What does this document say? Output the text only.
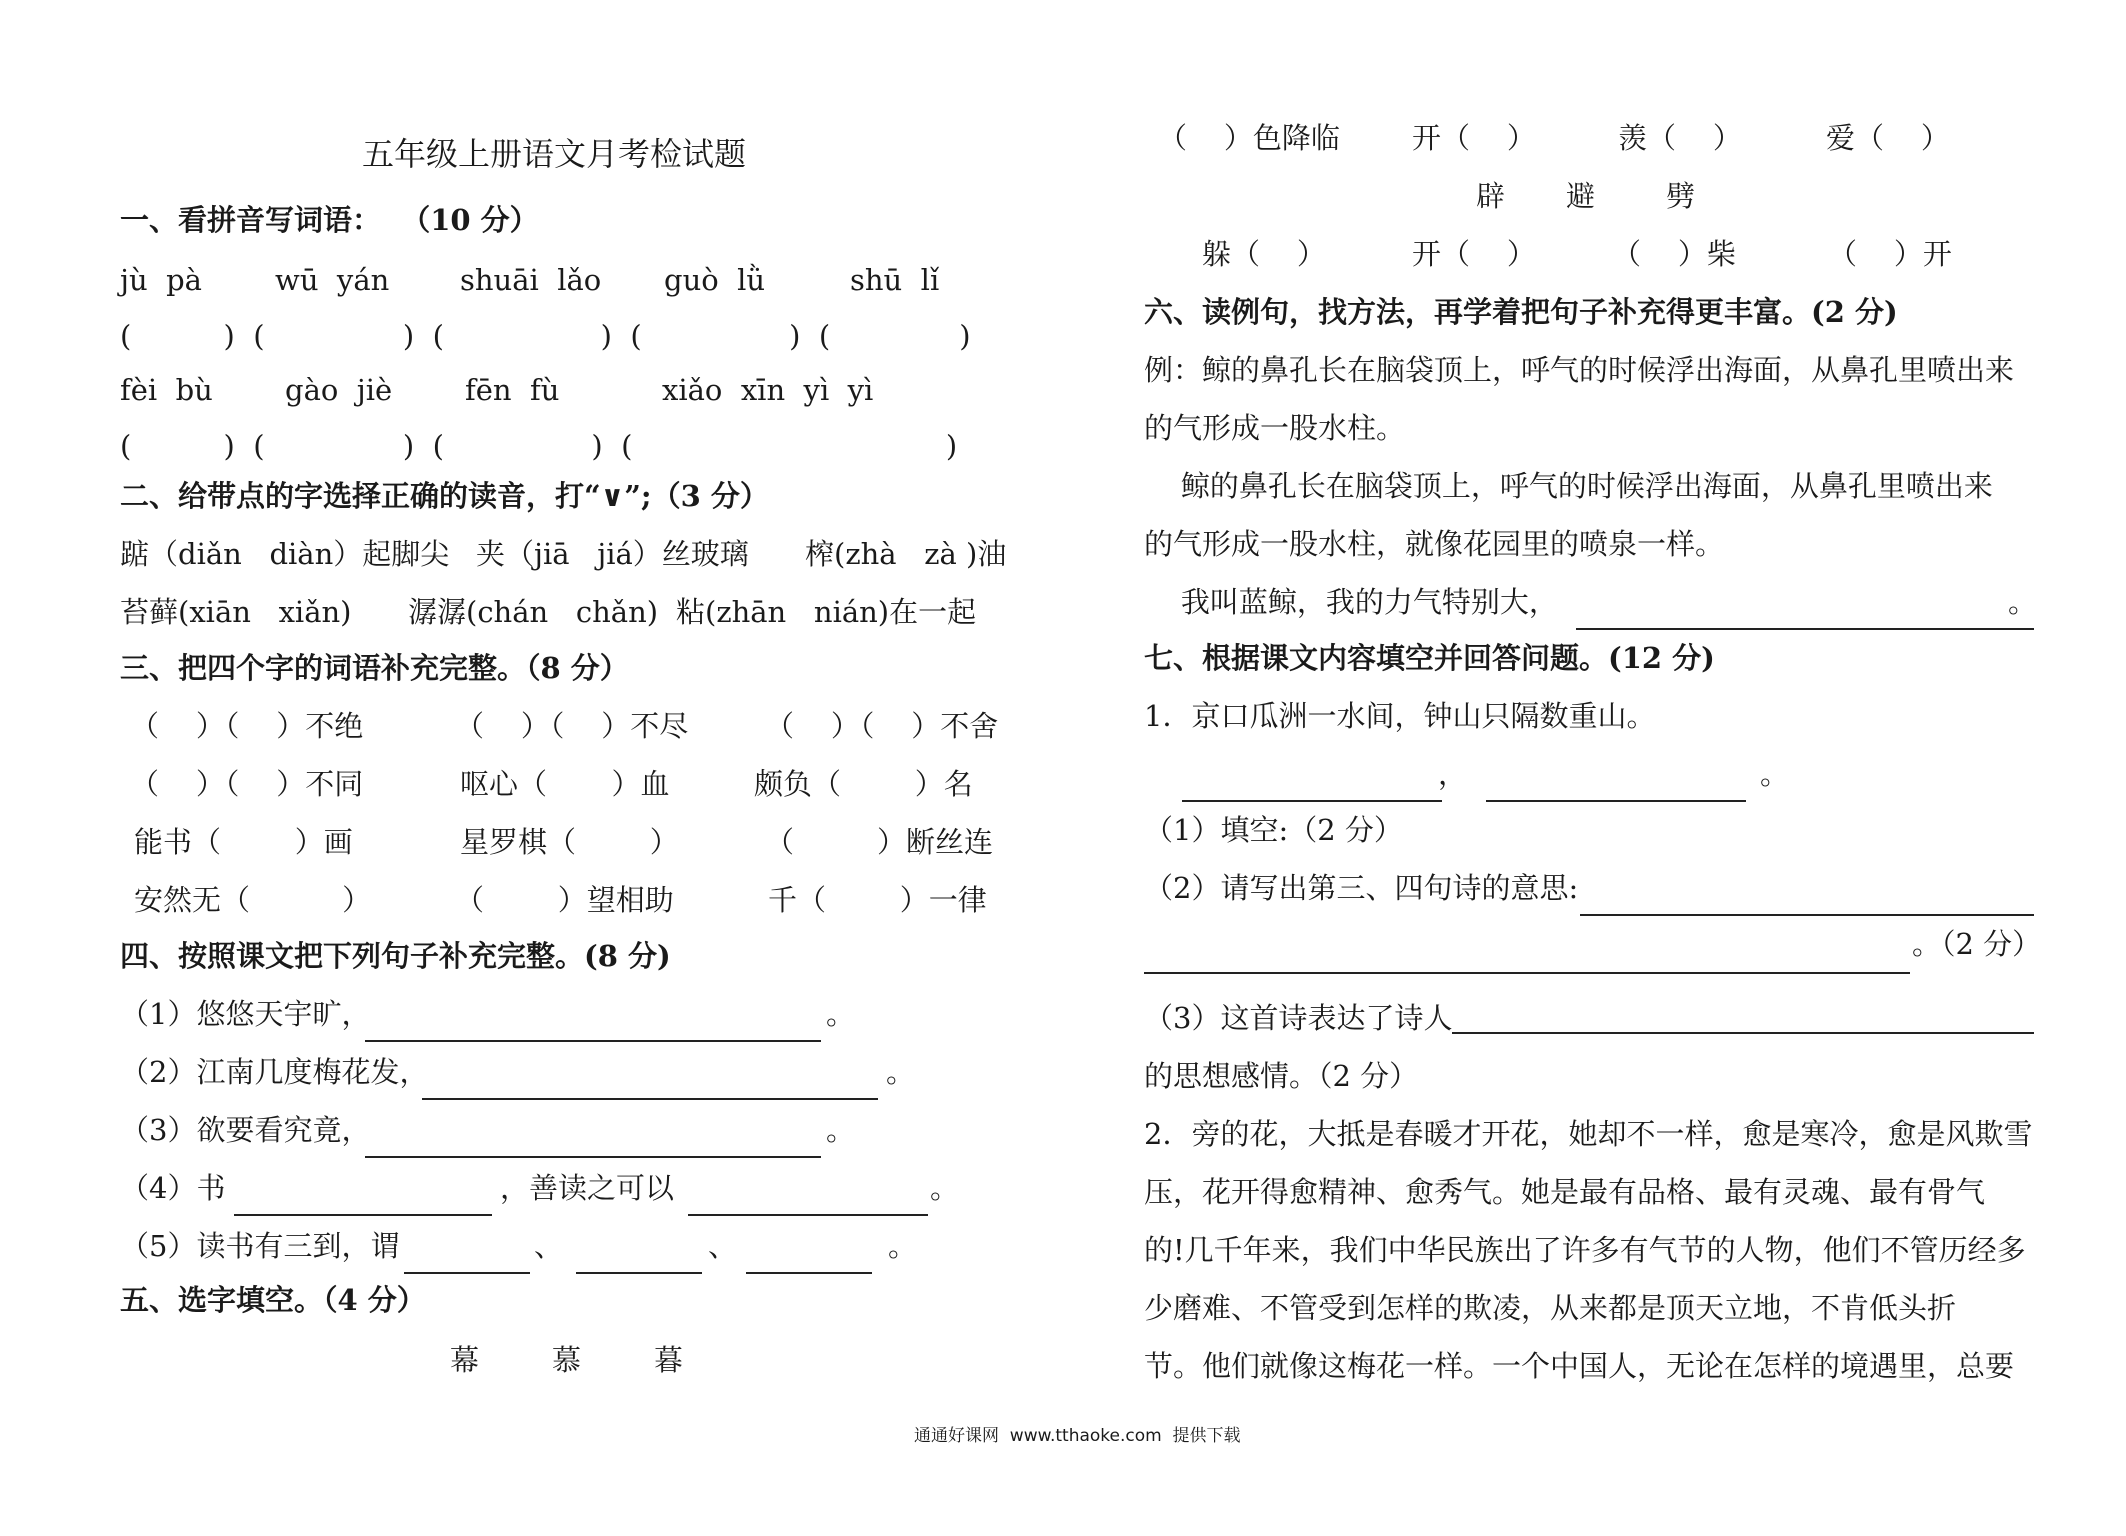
五年级上册语文月考检试题
一、看拼音写词语：  （10 分）
jù  pà	wū  yán shuāi  lǎo guò  lǜ	shū  lǐ
(          )  (               )  (                 )  (                )  (              )
fèi  bù gào  jiè	fēn  fù	xiǎo  xīn  yì  yì
(          )  (               )  (                )  (                                  )
二、给带点的字选择正确的读音，打“∨”;（3 分）
踮（diǎn   diàn）起脚尖 夹（jiā   jiá）丝玻璃 榨(zhà   zà )油
苔藓(xiān   xiǎn) 潺潺(chán   chǎn) 粘(zhān   nián)在一起
三、把四个字的词语补充完整。（8 分）
（    ）（    ）不绝	（    ）（    ）不尽	（    ）（    ）不舍
（    ）（    ）不同	呕心（       ）血	颇负（        ）名
能书（        ）画	星罗棋（        ）	（         ）断丝连
安然无（          ）	（        ）望相助	千（        ）一律
四、按照课文把下列句子补充完整。(8 分)
（1）悠悠天宇旷，	。
（2）江南几度梅花发，	。
（3）欲要看究竟，	。
（4）书	，善读之可以	。
（5）读书有三到，谓	、	、	。
五、选字填空。（4 分）
幕	慕	暮
（    ）色降临 开（    ）	羡（    ）	爱（    ）
辟 避 劈
躲（    ）	开（    ）	（    ）柴	（    ）开
六、读例句，找方法，再学着把句子补充得更丰富。(2 分)
例：鲸的鼻孔长在脑袋顶上，呼气的时候浮出海面，从鼻孔里喷出来
的气形成一股水柱。
鲸的鼻孔长在脑袋顶上，呼气的时候浮出海面，从鼻孔里喷出来
的气形成一股水柱，就像花园里的喷泉一样。
我叫蓝鲸，我的力气特别大，	。
七、根据课文内容填空并回答问题。(12 分)
1．京口瓜洲一水间，钟山只隔数重山。
，	。
（1）填空:（2 分）
（2）请写出第三、四句诗的意思:
。（2 分）
（3）这首诗表达了诗人
的思想感情。（2 分）
2．旁的花，大抵是春暖才开花，她却不一样，愈是寒冷，愈是风欺雪
压，花开得愈精神、愈秀气。她是最有品格、最有灵魂、最有骨气
的!几千年来，我们中华民族出了许多有气节的人物，他们不管历经多
少磨难、不管受到怎样的欺凌，从来都是顶天立地，不肯低头折
节。他们就像这梅花一样。一个中国人，无论在怎样的境遇里，总要
通通好课网  www.tthaoke.com  提供下载
